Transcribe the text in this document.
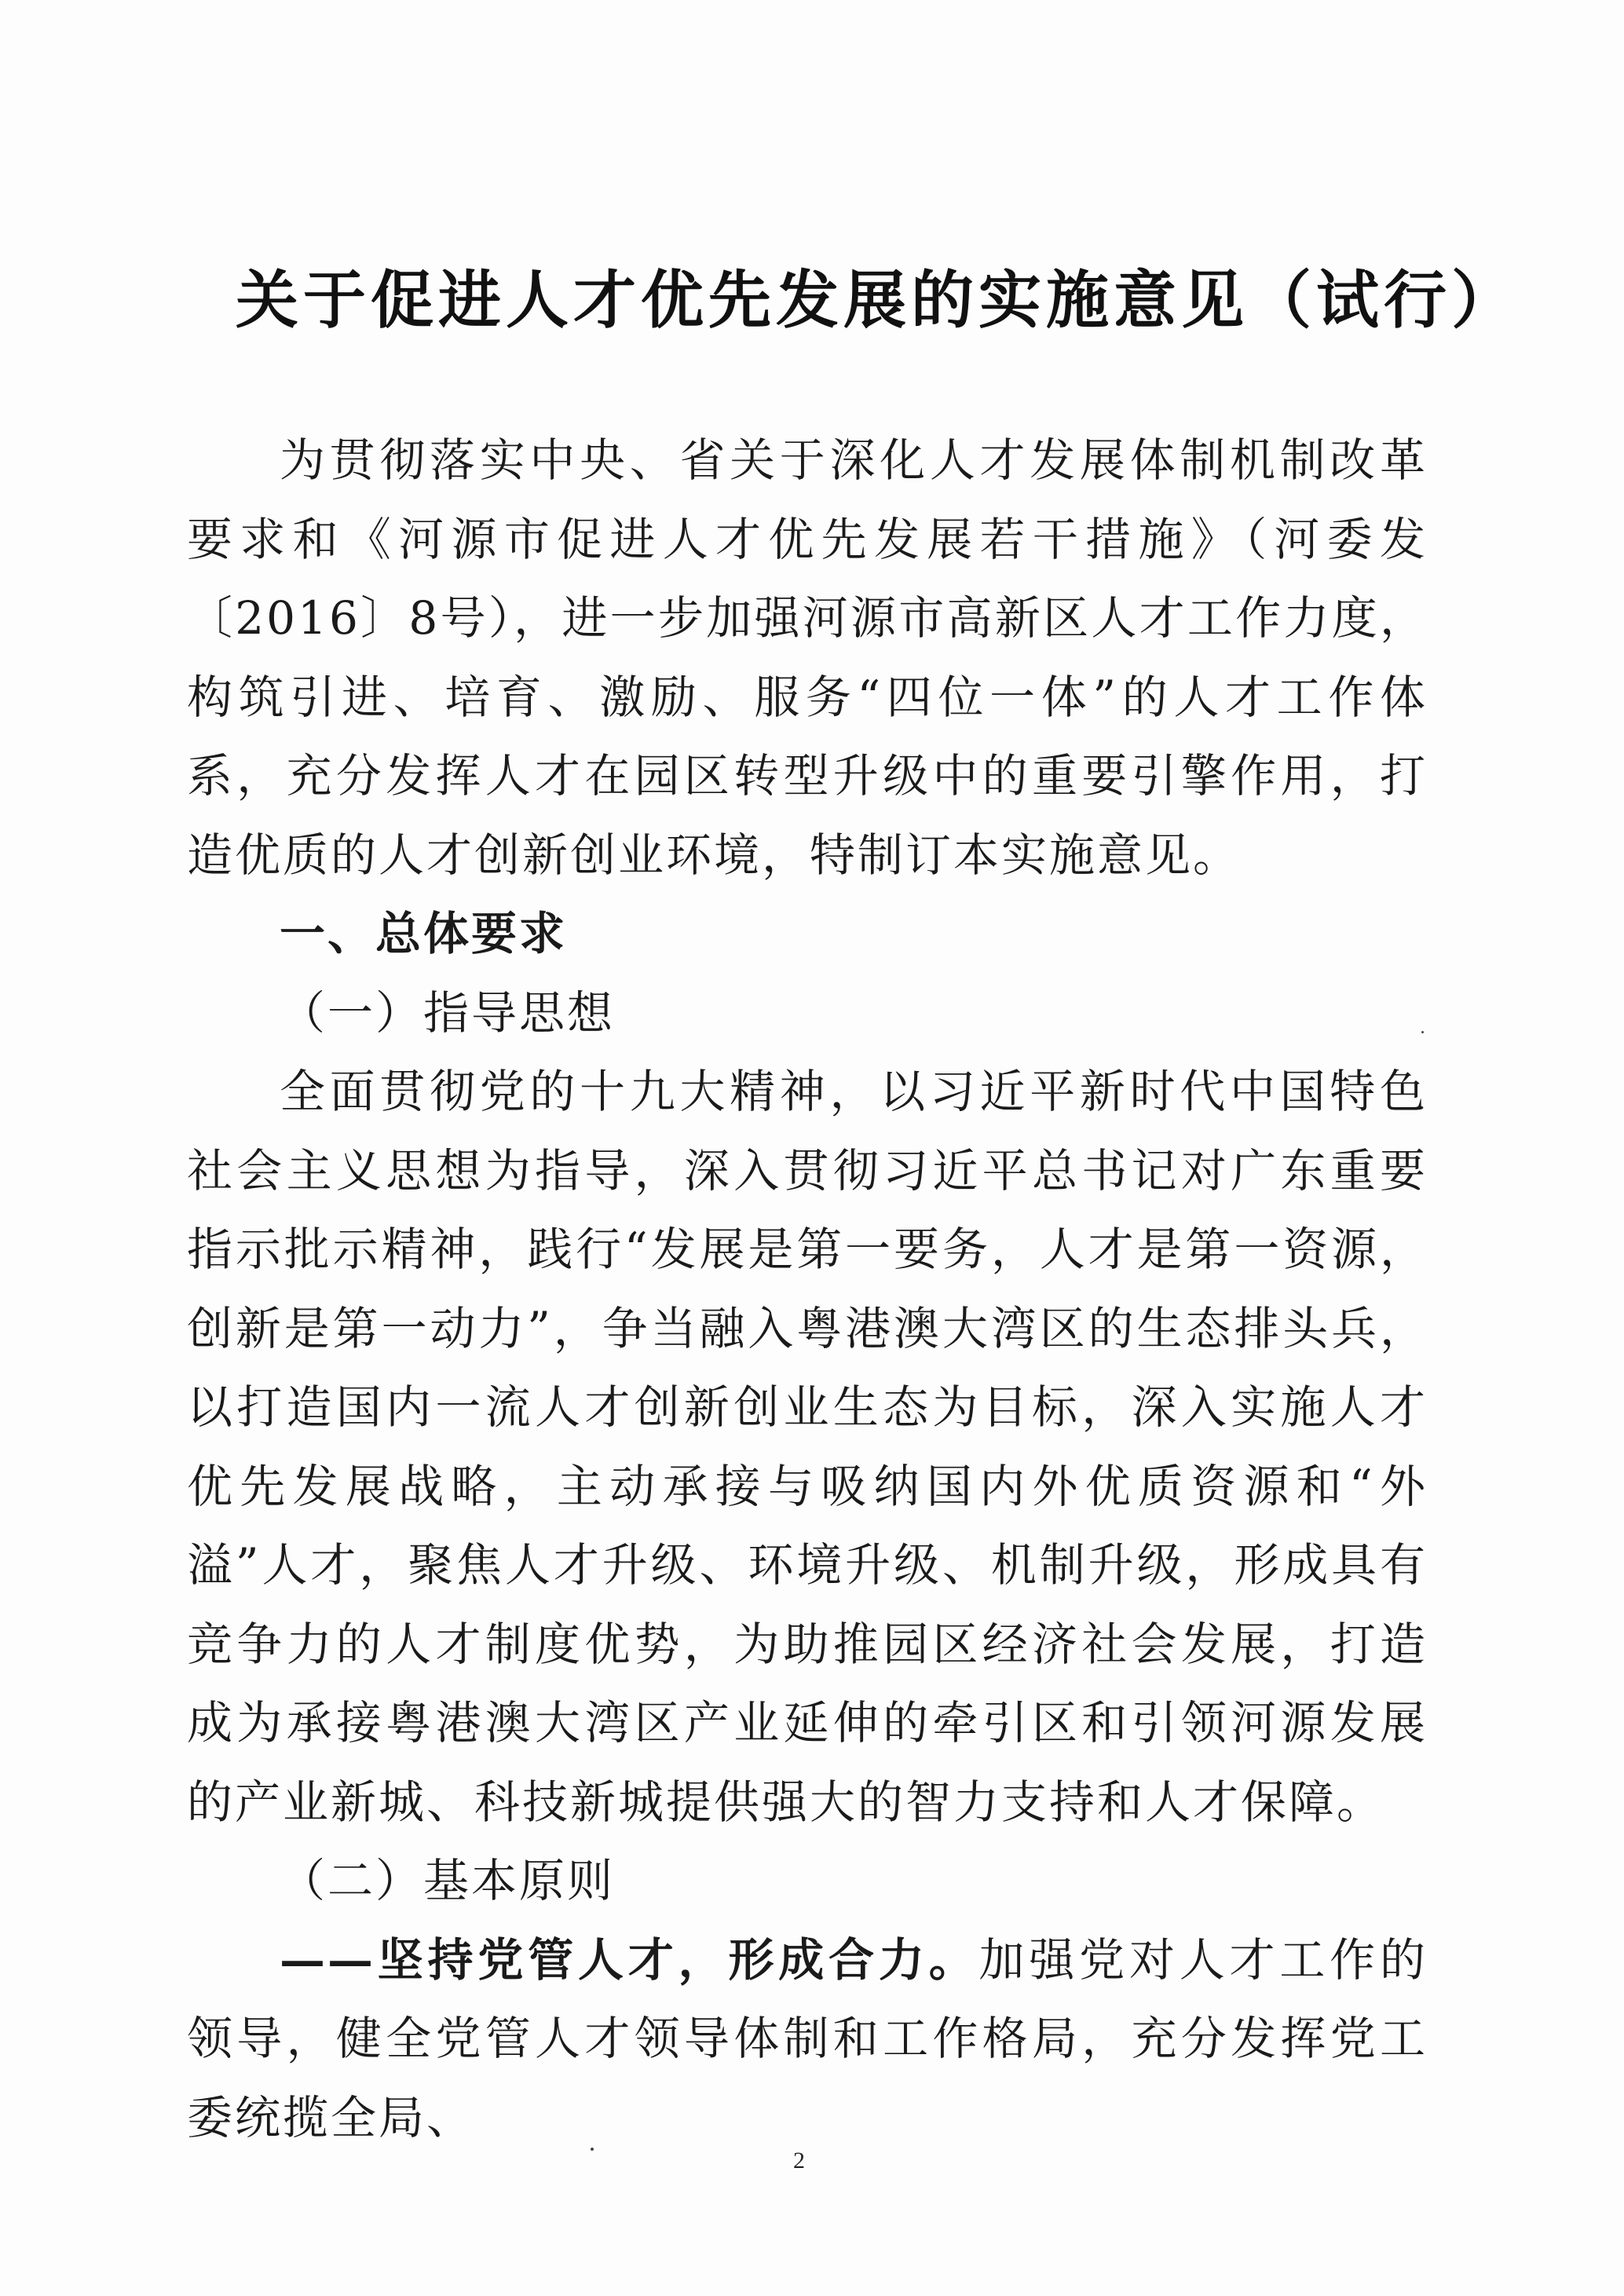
关于促进人才优先发展的实施意见（试行）

为贯彻落实中央、省关于深化人才发展体制机制改革要求和《河源市促进人才优先发展若干措施》（河委发〔2016〕8号），进一步加强河源市高新区人才工作力度，构筑引进、培育、激励、服务“四位一体”的人才工作体系，充分发挥人才在园区转型升级中的重要引擎作用，打造优质的人才创新创业环境，特制订本实施意见。

一、总体要求

（一）指导思想

全面贯彻党的十九大精神，以习近平新时代中国特色社会主义思想为指导，深入贯彻习近平总书记对广东重要指示批示精神，践行“发展是第一要务，人才是第一资源，创新是第一动力”，争当融入粤港澳大湾区的生态排头兵，以打造国内一流人才创新创业生态为目标，深入实施人才优先发展战略，主动承接与吸纳国内外优质资源和“外溢”人才，聚焦人才升级、环境升级、机制升级，形成具有竞争力的人才制度优势，为助推园区经济社会发展，打造成为承接粤港澳大湾区产业延伸的牵引区和引领河源发展的产业新城、科技新城提供强大的智力支持和人才保障。

（二）基本原则

——坚持党管人才，形成合力。加强党对人才工作的领导，健全党管人才领导体制和工作格局，充分发挥党工委统揽全局、

2
